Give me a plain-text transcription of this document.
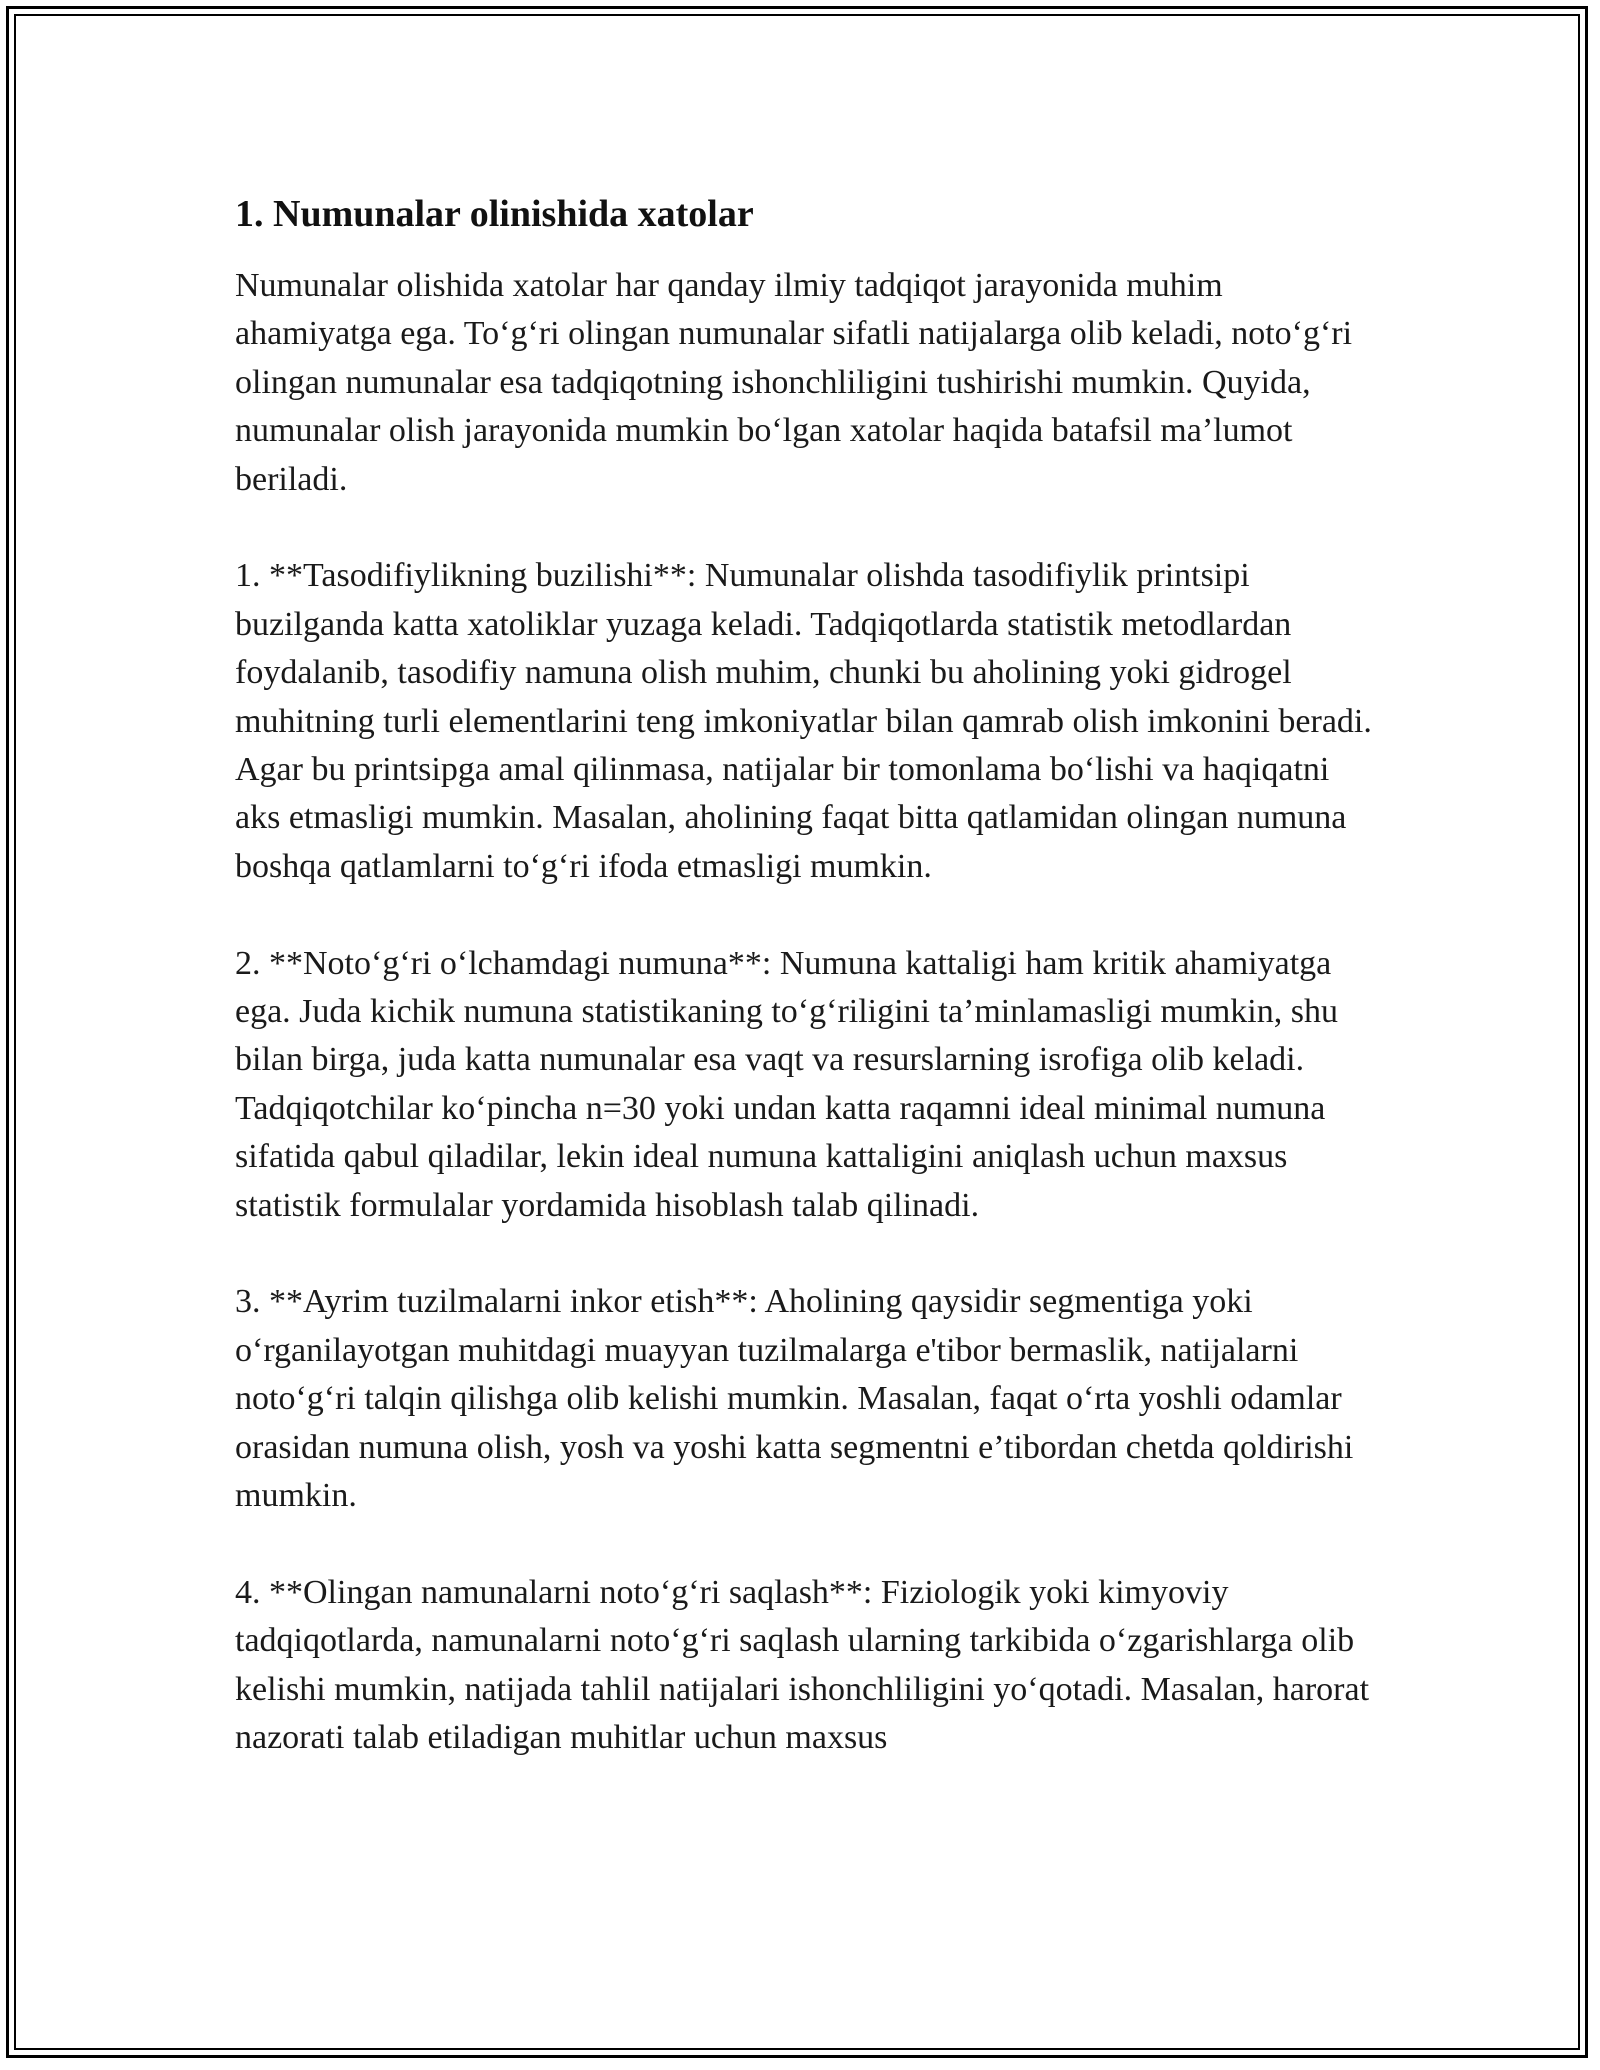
1. Numunalar olinishida xatolar

Numunalar olishida xatolar har qanday ilmiy tadqiqot jarayonida muhim ahamiyatga ega. To‘g‘ri olingan numunalar sifatli natijalarga olib keladi, noto‘g‘ri olingan numunalar esa tadqiqotning ishonchliligini tushirishi mumkin. Quyida, numunalar olish jarayonida mumkin bo‘lgan xatolar haqida batafsil ma’lumot beriladi.

1. **Tasodifiylikning buzilishi**: Numunalar olishda tasodifiylik printsipi buzilganda katta xatoliklar yuzaga keladi. Tadqiqotlarda statistik metodlardan foydalanib, tasodifiy namuna olish muhim, chunki bu aholining yoki gidrogel muhitning turli elementlarini teng imkoniyatlar bilan qamrab olish imkonini beradi. Agar bu printsipga amal qilinmasa, natijalar bir tomonlama bo‘lishi va haqiqatni aks etmasligi mumkin. Masalan, aholining faqat bitta qatlamidan olingan numuna boshqa qatlamlarni to‘g‘ri ifoda etmasligi mumkin.

2. **Noto‘g‘ri o‘lchamdagi numuna**: Numuna kattaligi ham kritik ahamiyatga ega. Juda kichik numuna statistikaning to‘g‘riligini ta’minlamasligi mumkin, shu bilan birga, juda katta numunalar esa vaqt va resurslarning isrofiga olib keladi. Tadqiqotchilar ko‘pincha n=30 yoki undan katta raqamni ideal minimal numuna sifatida qabul qiladilar, lekin ideal numuna kattaligini aniqlash uchun maxsus statistik formulalar yordamida hisoblash talab qilinadi.

3. **Ayrim tuzilmalarni inkor etish**: Aholining qaysidir segmentiga yoki o‘rganilayotgan muhitdagi muayyan tuzilmalarga e'tibor bermaslik, natijalarni noto‘g‘ri talqin qilishga olib kelishi mumkin. Masalan, faqat o‘rta yoshli odamlar orasidan numuna olish, yosh va yoshi katta segmentni e’tibordan chetda qoldirishi mumkin.

4. **Olingan namunalarni noto‘g‘ri saqlash**: Fiziologik yoki kimyoviy tadqiqotlarda, namunalarni noto‘g‘ri saqlash ularning tarkibida o‘zgarishlarga olib kelishi mumkin, natijada tahlil natijalari ishonchliligini yo‘qotadi. Masalan, harorat nazorati talab etiladigan muhitlar uchun maxsus
